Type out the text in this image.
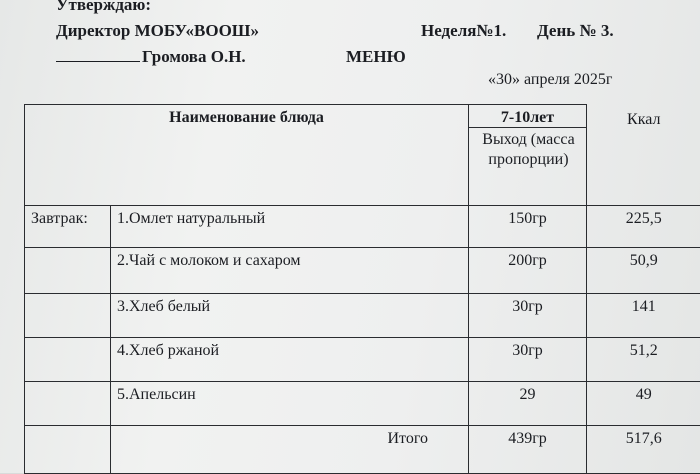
Утверждаю:
Директор МОБУ«ВООШ»	Неделя№1. День № 3.
Громова О.Н.	МЕНЮ
«30» апреля 2025г
Наименование блюда		7-10лет	Ккал
		Выход (масса пропорции)	
Завтрак:	1.Омлет натуральный	150гр	225,5
	2.Чай с молоком и сахаром	200гр	50,9
	3.Хлеб белый	30гр	141
	4.Хлеб ржаной	30гр	51,2
	5.Апельсин	29	49
	Итого	439гр	517,6
